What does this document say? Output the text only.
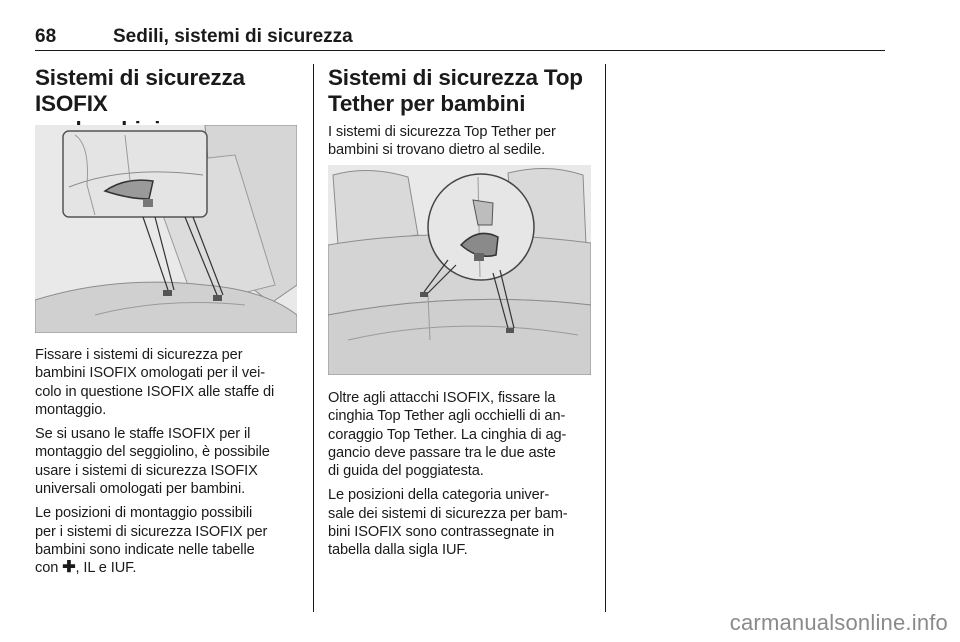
68	Sedili, sistemi di sicurezza
Sistemi di sicurezza ISOFIX

Fissare i sistemi di sicurezza per
bambini ISOFIX omologati per il vei-
colo in questione ISOFIX alle staffe di
montaggio.

Se si usano le staffe ISOFIX per il
montaggio del seggiolino, è possibile
usare i sistemi di sicurezza ISOFIX
universali omologati per bambini.

Le posizioni di montaggio possibili
per i sistemi di sicurezza ISOFIX per
bambini sono indicate nelle tabelle
con ✚, IL e IUF.

Sistemi di sicurezza Top
Tether per bambini

I sistemi di sicurezza Top Tether per
bambini si trovano dietro al sedile.

Oltre agli attacchi ISOFIX, fissare la
cinghia Top Tether agli occhielli di an-
coraggio Top Tether. La cinghia di ag-
gancio deve passare tra le due aste
di guida del poggiatesta.

Le posizioni della categoria univer-
sale dei sistemi di sicurezza per bam-
bini ISOFIX sono contrassegnate in
tabella dalla sigla IUF.

carmanualsonline.info
